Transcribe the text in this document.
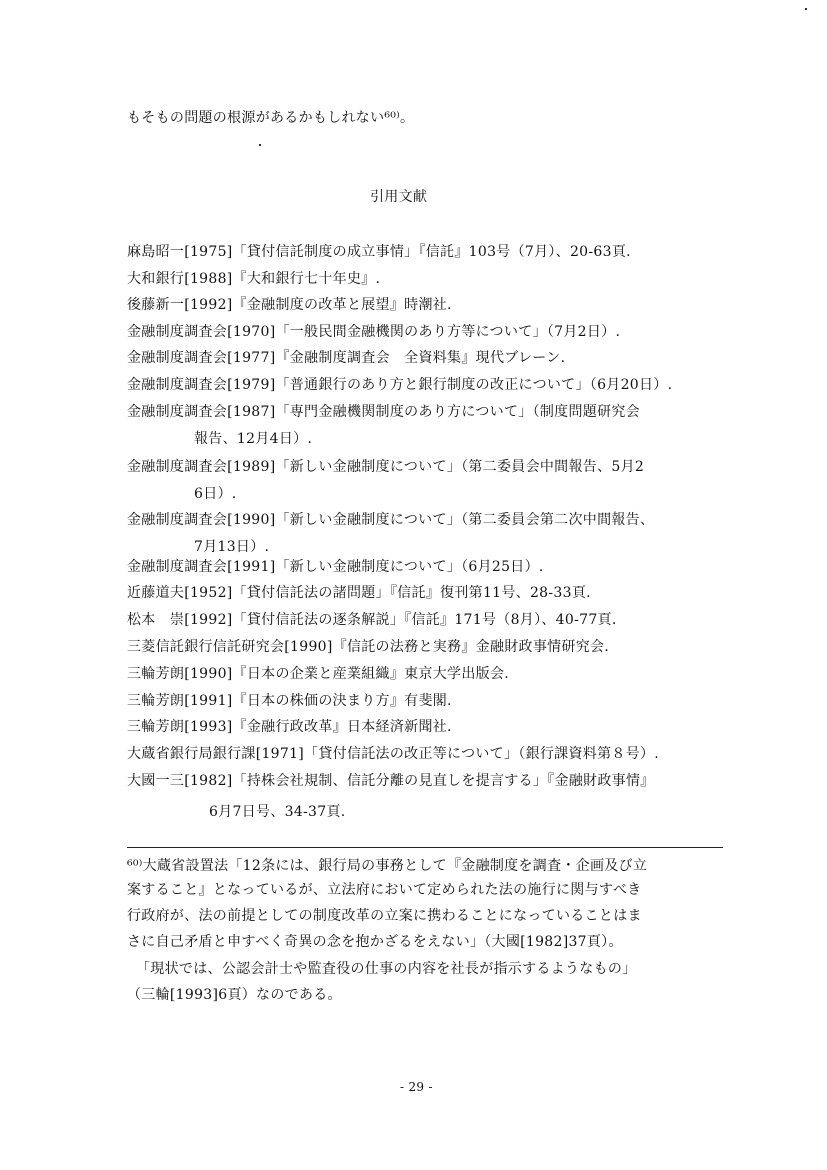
もそもの問題の根源があるかもしれない⁶⁰⁾。
引用文献
麻島昭一[1975]「貸付信託制度の成立事情」『信託』103号（7月）、20-63頁.
大和銀行[1988]『大和銀行七十年史』.
後藤新一[1992]『金融制度の改革と展望』時潮社.
金融制度調査会[1970]「一般民間金融機関のあり方等について」（7月2日）.
金融制度調査会[1977]『金融制度調査会　全資料集』現代ブレーン.
金融制度調査会[1979]「普通銀行のあり方と銀行制度の改正について」（6月20日）.
金融制度調査会[1987]「専門金融機関制度のあり方について」（制度問題研究会
報告、12月4日）.
金融制度調査会[1989]「新しい金融制度について」（第二委員会中間報告、5月2
6日）.
金融制度調査会[1990]「新しい金融制度について」（第二委員会第二次中間報告、
7月13日）.
金融制度調査会[1991]「新しい金融制度について」（6月25日）.
近藤道夫[1952]「貸付信託法の諸問題」『信託』復刊第11号、28-33頁.
松本　崇[1992]「貸付信託法の逐条解説」『信託』171号（8月）、40-77頁.
三菱信託銀行信託研究会[1990]『信託の法務と実務』金融財政事情研究会.
三輪芳朗[1990]『日本の企業と産業組織』東京大学出版会.
三輪芳朗[1991]『日本の株価の決まり方』有斐閣.
三輪芳朗[1993]『金融行政改革』日本経済新聞社.
大蔵省銀行局銀行課[1971]「貸付信託法の改正等について」（銀行課資料第８号）.
大國一三[1982]「持株会社規制、信託分離の見直しを提言する」『金融財政事情』
6月7日号、34-37頁.
⁶⁰⁾大蔵省設置法「12条には、銀行局の事務として『金融制度を調査・企画及び立
案すること』となっているが、立法府において定められた法の施行に関与すべき
行政府が、法の前提としての制度改革の立案に携わることになっていることはま
さに自己矛盾と申すべく奇異の念を抱かざるをえない」（大國[1982]37頁）。
「現状では、公認会計士や監査役の仕事の内容を社長が指示するようなもの」
（三輪[1993]6頁）なのである。
- 29 -
